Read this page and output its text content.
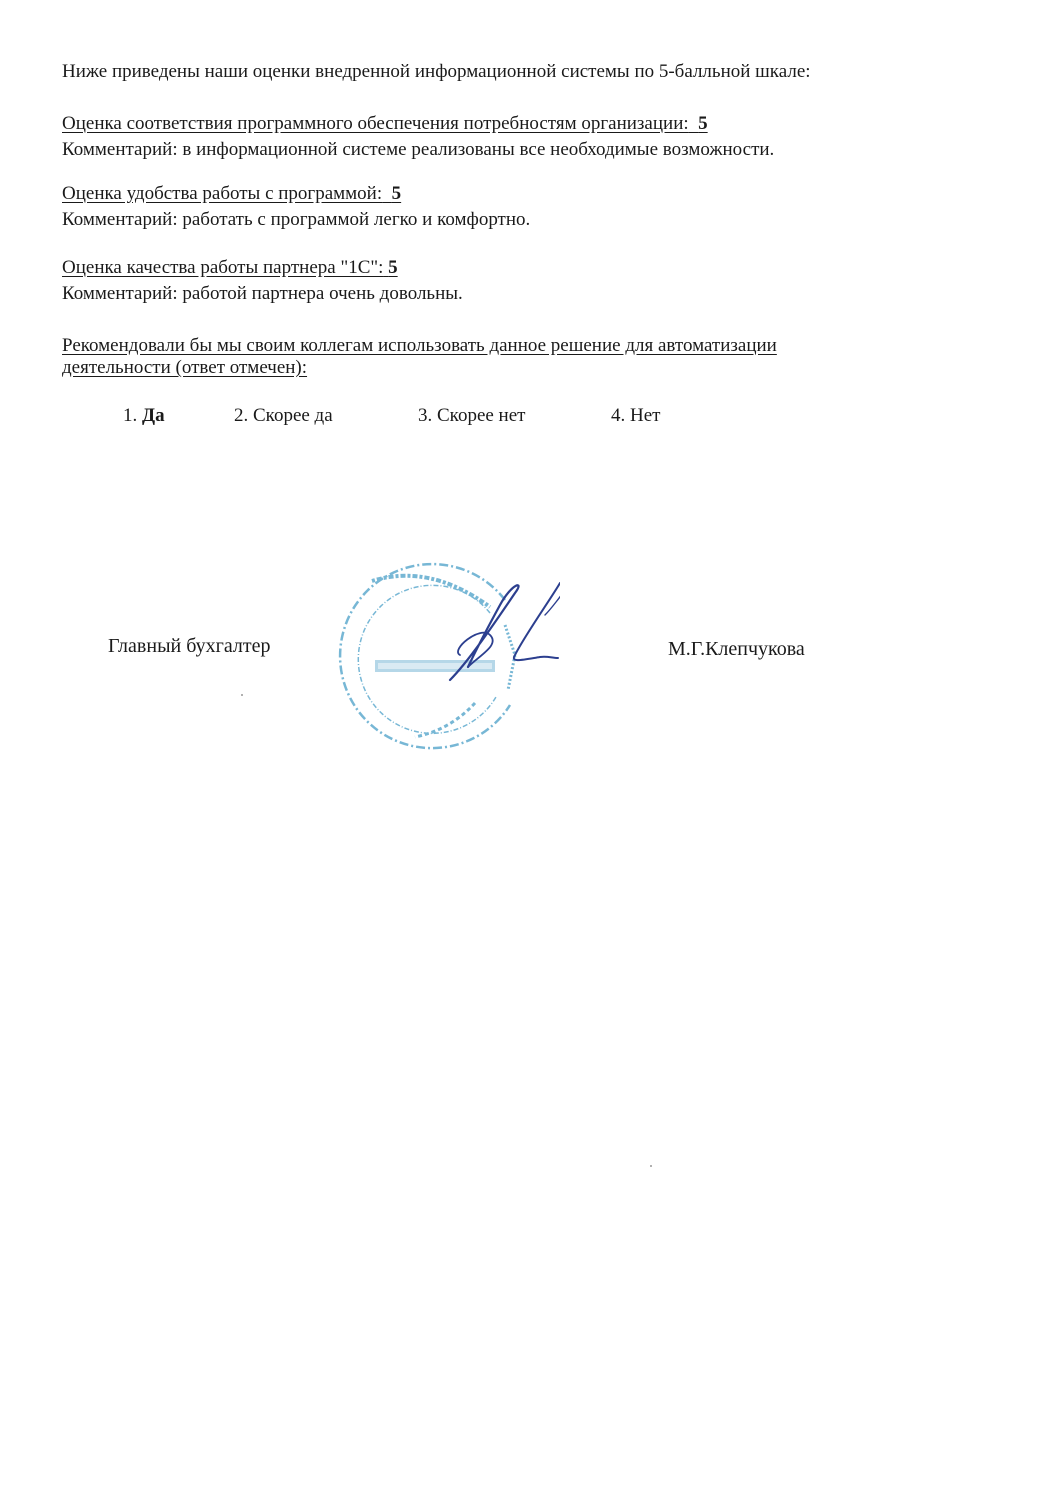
Ниже приведены наши оценки внедренной информационной системы по 5-балльной шкале:
Оценка соответствия программного обеспечения потребностям организации: 5
Комментарий: в информационной системе реализованы все необходимые возможности.
Оценка удобства работы с программой: 5
Комментарий: работать с программой легко и комфортно.
Оценка качества работы партнера "1С": 5
Комментарий: работой партнера очень довольны.
Рекомендовали бы мы своим коллегам использовать данное решение для автоматизации
деятельности (ответ отмечен):
1. Да	2. Скорее да	3. Скорее нет	4. Нет
Главный бухгалтер	М.Г.Клепчукова
